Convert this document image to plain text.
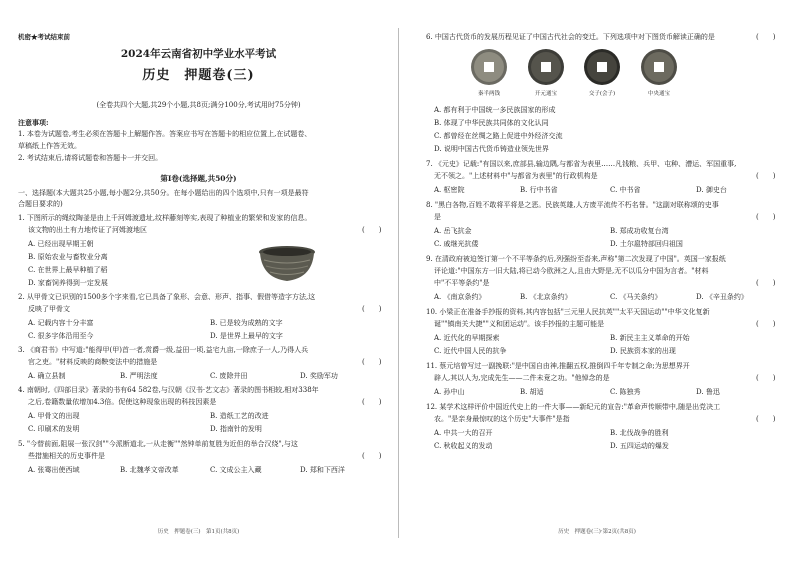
机密★考试结束前
2024年云南省初中学业水平考试
历史　押题卷(三)
(全卷共四个大题,共29个小题,共8页;满分100分,考试用时75分钟)
注意事项:
1. 本卷为试题卷,考生必须在答题卡上解题作答。答案应书写在答题卡的相应位置上,在试题卷、
草稿纸上作答无效。
2. 考试结束后,请将试题卷和答题卡一并交回。
第Ⅰ卷(选择题,共50分)
一、选择题(本大题共25小题,每小题2分,共50分。在每小题给出的四个选项中,只有一项是最符
合题目要求的)
1. 下图所示的绳纹陶釜是由上千河姆渡遗址,纹样藤刻等实,表现了种植业的繁荣和发家的信息。
该文物的出土有力地传证了河姆渡地区	(　　)
A. 已经出现早期王朝
B. 原始农业与畜牧业分离
C. 在世界上最早种植了稻
D. 家畜饲养得到一定发展
2. 从甲骨文已识别的1500多个字来看,它已具备了象形、会意、形声、指事、假借等造字方法,这
反映了甲骨文	(　　)
A. 记载内容十分丰富	B. 已是较为成熟的文字
C. 很多字体沿用至今	D. 是世界上最早的文字
3. 《商君书》中写道:"能得甲(甲)首一者,赏爵一级,益田一顷,益宅九亩,一除庶子一人,乃得人兵
官之吏。"材料反映的商鞅变法中的措施是	(　　)
A. 确立县制	B. 严明法度	C. 废除井田	D. 奖励军功
4. 南朝时,《四部目录》著录的书有64 582卷,与汉朝《汉书·艺文志》著录的图书相较,相对338年
之后,卷籍数量依增加4.3倍。促使这种现象出现的科技因素是	(　　)
A. 甲骨文的出现	B. 造纸工艺的改进
C. 印刷术的发明	D. 指南针的发明
5. "今替前面,阻展一张汉剑""今派断道北,一从走衡""然钟单前复胜为近但的举合汉绕",与这
些措施相关的历史事件是	(　　)
A. 张骞出使西域	B. 北魏孝文帝改革	C. 文成公主入藏	D. 郑和下西洋
历史　押题卷(三)　第1页(共8页)
6. 中国古代货币的发展历程见证了中国古代社会的变迁。下列选项中对下图货币解读正确的是	(　　)
秦半两钱	开元通宝	交子(会子)	中央通宝
A. 都有利于中国统一多民族国家的形成
B. 体现了中华民族共同体的文化认同
C. 都曾经在丝绸之路上促进中外经济交流
D. 说明中国古代货币铸造业领先世界
7. 《元史》记载:"有国以来,庶部县,输边隅,与都省为表里……凡钱粮、兵甲、屯种、漕运、军国重事,
无不领之。"上述材料中"与都省为表里"的行政机构是	(　　)
A. 枢密院	B. 行中书省	C. 中书省	D. 御史台
8. "黑白各物,百姓不敢将平将是之恶。民族英雄,人方废平流传不朽名誉。"这副对联称颂的史事
是	(　　)
A. 岳飞抗金	B. 郑成功收复台湾
C. 戚继光抗倭	D. 土尔扈特部回归祖国
9. 在清政府被迫签订第一个不平等条约后,列强纷至沓来,声称"第二次发现了中国"。英国一家报纸
评论道:"中国东方一旧大陆,将已动今欧洲之人,且由大野是,无不以瓜分中国为言者。"材料
中"不平等条约"是	(　　)
A. 《南京条约》	B. 《北京条约》	C. 《马关条约》	D. 《辛丑条约》
10. 小梁正在准备手抄报的资料,其内容包括"三元里人民抗英""太平天国运动""中华文化复新
诞""镇南关大捷""义和团运动"。该手抄报的主题可能是	(　　)
A. 近代化的早期探索	B. 新民主主义革命的开始
C. 近代中国人民的抗争	D. 民族资本家的出现
11. 蔡元培曾写过一副挽联:"是中国自由神,推翻五权,推倒四千年专制之命;为思想界开
辟人,其以人为,完成先生——二件未竟之功。"他悼念的是	(　　)
A. 孙中山	B. 胡适	C. 陈独秀	D. 鲁迅
12. 某学术这样评价中国近代史上的一件大事——新纪元的宣告:"革命声传顺带中,随是出党决工
农。"是亲身最惊叹的这个历史"大事件"是指	(　　)
A. 中共一大的召开	B. 北伐战争的胜利
C. 秋收起义的发动	D. 五四运动的爆发
历史　押题卷(三)·第2页(共8页)
